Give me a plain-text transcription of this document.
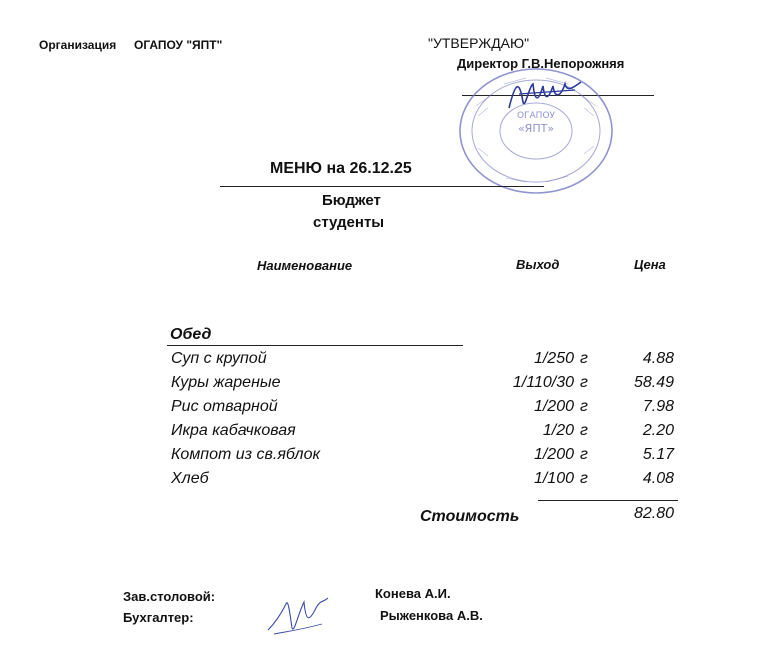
Организация ОГАПОУ "ЯПТ"	"УТВЕРЖДАЮ"
Директор Г.В.Непорожняя
ОГАПОУ
«ЯПТ»
МЕНЮ на 26.12.25
Бюджет
студенты
Наименование	Выход	Цена
Обед
Суп с крупой	1/250 г	4.88
Куры жареные	1/110/30 г	58.49
Рис отварной	1/200 г	7.98
Икра кабачковая	1/20 г	2.20
Компот из св.яблок	1/200 г	5.17
Хлеб	1/100 г	4.08
Стоимость	82.80
Зав.столовой:	Конева А.И.
Бухгалтер:	Рыженкова А.В.
